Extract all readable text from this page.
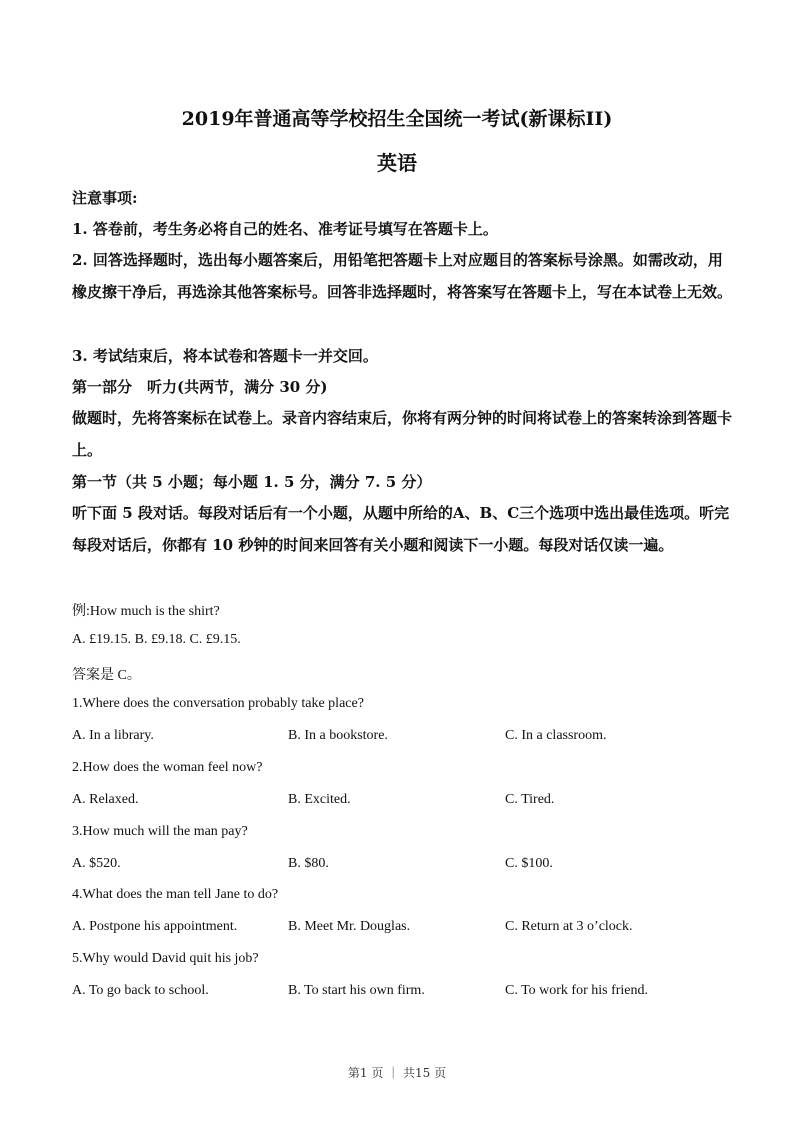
2019年普通高等学校招生全国统一考试(新课标II)
英语
注意事项:
1. 答卷前，考生务必将自己的姓名、准考证号填写在答题卡上。
2. 回答选择题时，选出每小题答案后，用铅笔把答题卡上对应题目的答案标号涂黑。如需改动，用橡皮擦干净后，再选涂其他答案标号。回答非选择题时，将答案写在答题卡上，写在本试卷上无效。
3. 考试结束后，将本试卷和答题卡一并交回。
第一部分　听力(共两节，满分 30 分)
做题时，先将答案标在试卷上。录音内容结束后，你将有两分钟的时间将试卷上的答案转涂到答题卡上。
第一节（共 5 小题；每小题 1. 5 分，满分 7. 5 分）
听下面 5 段对话。每段对话后有一个小题，从题中所给的A、B、C三个选项中选出最佳选项。听完每段对话后，你都有 10 秒钟的时间来回答有关小题和阅读下一小题。每段对话仅读一遍。
例:How much is the shirt?
A. £19.15. B. £9.18. C. £9.15.
答案是 C。
1.Where does the conversation probably take place?
A. In a library.	B. In a bookstore.	C. In a classroom.
2.How does the woman feel now?
A. Relaxed.	B. Excited.	C. Tired.
3.How much will the man pay?
A. $520.	B. $80.	C. $100.
4.What does the man tell Jane to do?
A. Postpone his appointment.	B. Meet Mr. Douglas.	C. Return at 3 o’clock.
5.Why would David quit his job?
A. To go back to school.	B. To start his own firm.	C. To work for his friend.
第1 页 ｜ 共15 页
